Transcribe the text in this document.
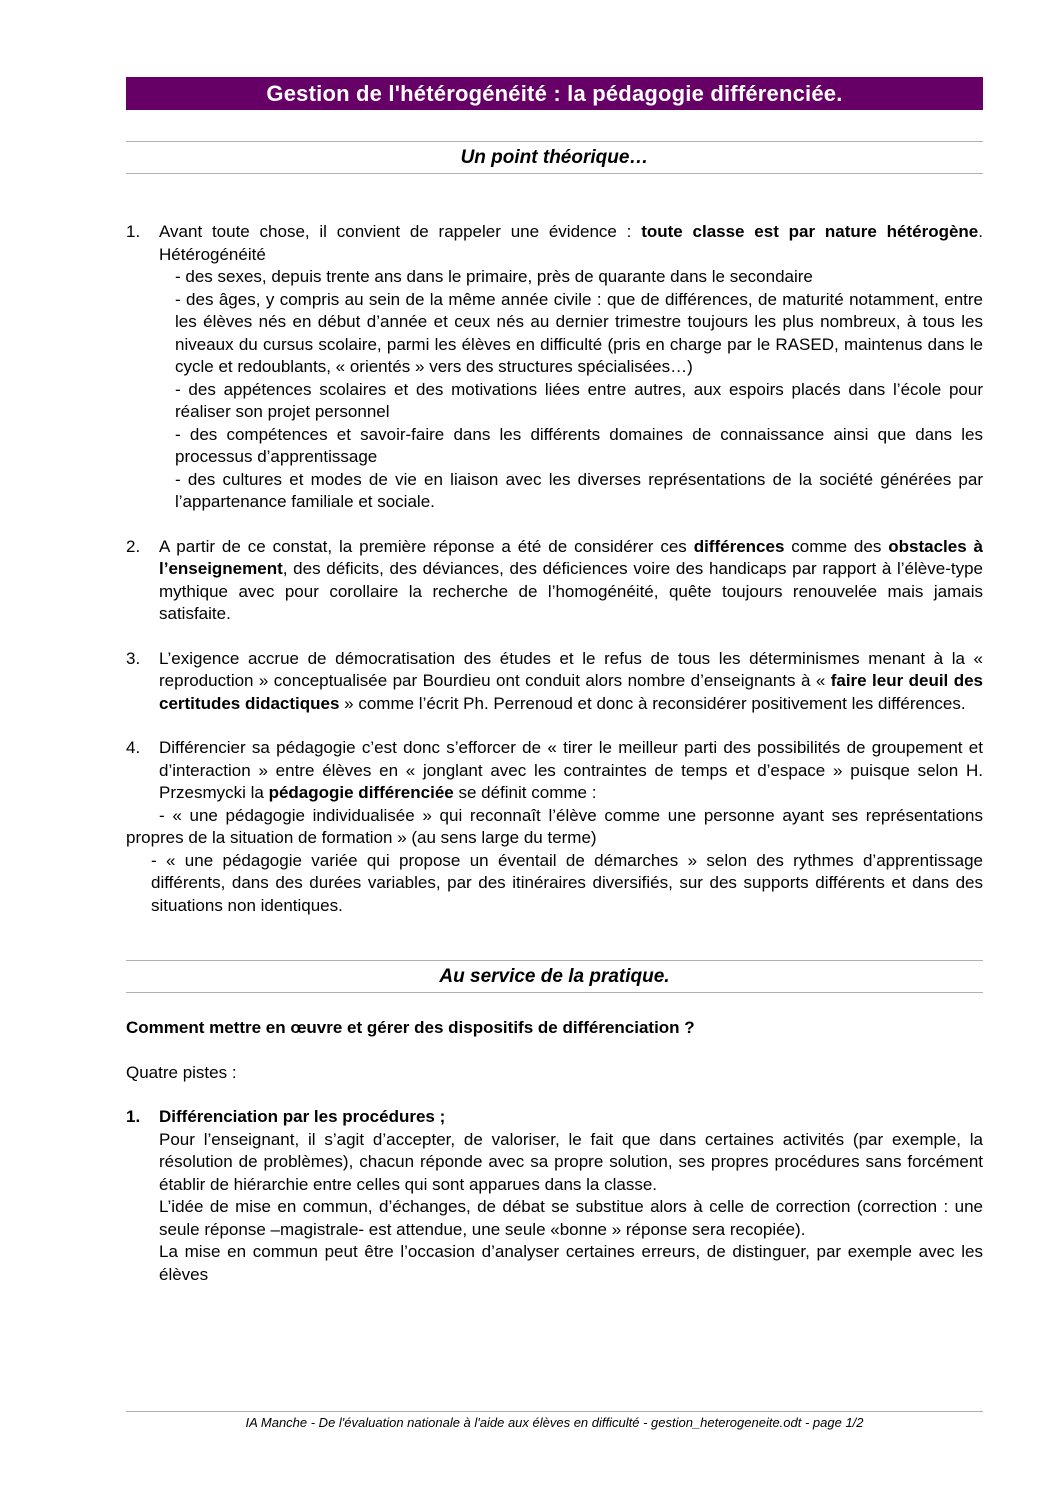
Gestion de l'hétérogénéité : la pédagogie différenciée.
Un point théorique…
1. Avant toute chose, il convient de rappeler une évidence : toute classe est par nature hétérogène. Hétérogénéité

- des sexes, depuis trente ans dans le primaire, près de quarante dans le secondaire

- des âges, y compris au sein de la même année civile : que de différences, de maturité notamment, entre les élèves nés en début d’année et ceux nés au dernier trimestre toujours les plus nombreux, à tous les niveaux du cursus scolaire, parmi les élèves en difficulté (pris en charge par le RASED, maintenus dans le cycle et redoublants, « orientés » vers des structures spécialisées…)

- des appétences scolaires et des motivations liées entre autres, aux espoirs placés dans l’école pour réaliser son projet personnel

- des compétences et savoir-faire dans les différents domaines de connaissance ainsi que dans les processus d’apprentissage

- des cultures et modes de vie en liaison avec les diverses représentations de la société générées par l’appartenance familiale et sociale.

2. A partir de ce constat, la première réponse a été de considérer ces différences comme des obstacles à l’enseignement, des déficits, des déviances, des déficiences voire des handicaps par rapport à l’élève-type mythique avec pour corollaire la recherche de l’homogénéité, quête toujours renouvelée mais jamais satisfaite.

3. L’exigence accrue de démocratisation des études et le refus de tous les déterminismes menant à la « reproduction » conceptualisée par Bourdieu ont conduit alors nombre d’enseignants à « faire leur deuil des certitudes didactiques » comme l’écrit Ph. Perrenoud et donc à reconsidérer positivement les différences.

4. Différencier sa pédagogie c’est donc s’efforcer de « tirer le meilleur parti des possibilités de groupement et d’interaction » entre élèves en « jonglant avec les contraintes de temps et d’espace » puisque selon H. Przesmycki la pédagogie différenciée se définit comme :

- « une pédagogie individualisée » qui reconnaît l’élève comme une personne ayant ses représentations propres de la situation de formation » (au sens large du terme)

- « une pédagogie variée qui propose un éventail de démarches » selon des rythmes d’apprentissage différents, dans des durées variables, par des itinéraires diversifiés, sur des supports différents et dans des situations non identiques.

Au service de la pratique.

Comment mettre en œuvre et gérer des dispositifs de différenciation ?

Quatre pistes :

1. Différenciation par les procédures ;

Pour l’enseignant, il s’agit d’accepter, de valoriser, le fait que dans certaines activités (par exemple, la résolution de problèmes), chacun réponde avec sa propre solution, ses propres procédures sans forcément établir de hiérarchie entre celles qui sont apparues dans la classe.

L’idée de mise en commun, d’échanges, de débat se substitue alors à celle de correction (correction : une seule réponse –magistrale- est attendue, une seule «bonne » réponse sera recopiée).

La mise en commun peut être l’occasion d’analyser certaines erreurs, de distinguer, par exemple avec les élèves

IA Manche - De l'évaluation nationale à l'aide aux élèves en difficulté - gestion_heterogeneite.odt - page 1/2
